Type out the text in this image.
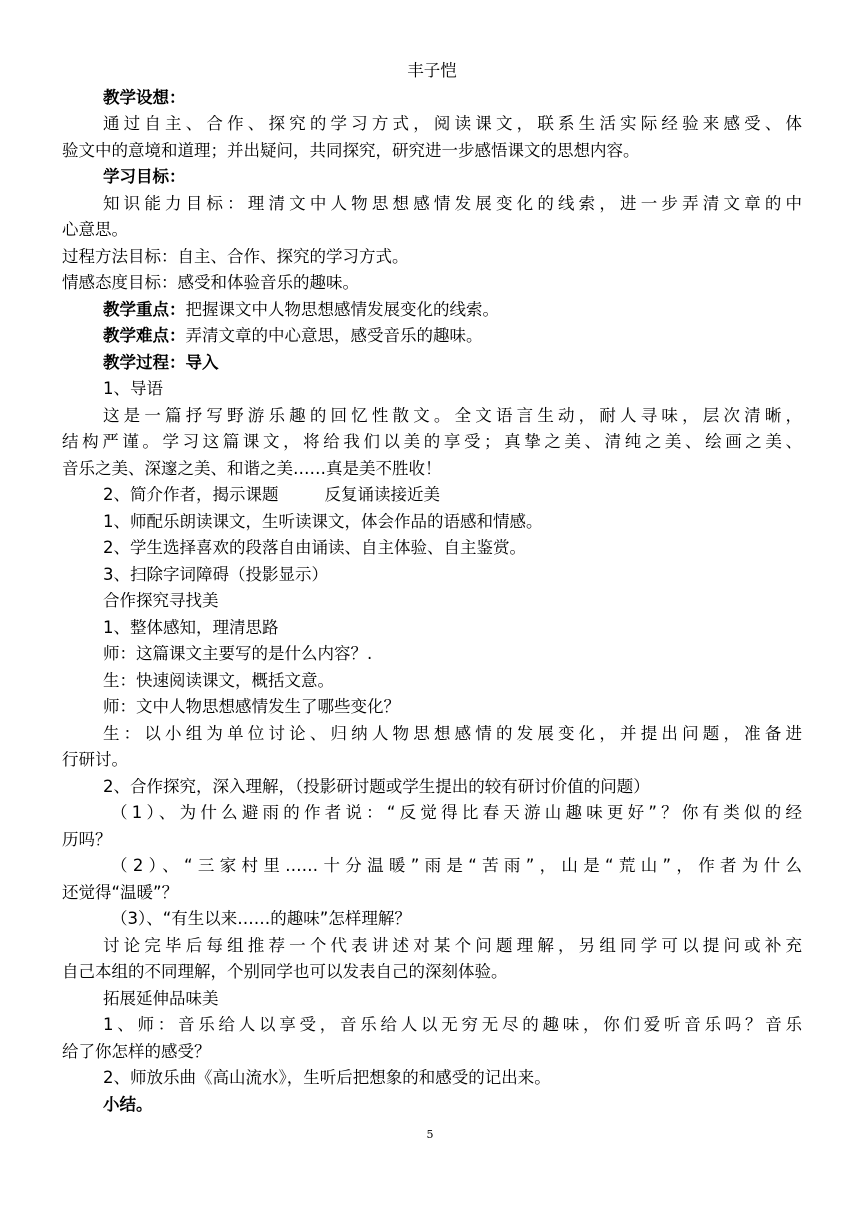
丰子恺
教学设想：
通过自主、合作、探究的学习方式，阅读课文，联系生活实际经验来感受、体
验文中的意境和道理；并出疑问，共同探究，研究进一步感悟课文的思想内容。
学习目标：
知识能力目标：理清文中人物思想感情发展变化的线索，进一步弄清文章的中
心意思。
过程方法目标：自主、合作、探究的学习方式。
情感态度目标：感受和体验音乐的趣味。
教学重点：把握课文中人物思想感情发展变化的线索。
教学难点：弄清文章的中心意思，感受音乐的趣味。
教学过程：导入
1、导语
这是一篇抒写野游乐趣的回忆性散文。全文语言生动，耐人寻味，层次清晰，
结构严谨。学习这篇课文，将给我们以美的享受；真挚之美、清纯之美、绘画之美、
音乐之美、深邃之美、和谐之美……真是美不胜收！
2、简介作者，揭示课题	反复诵读接近美
1、师配乐朗读课文，生听读课文，体会作品的语感和情感。
2、学生选择喜欢的段落自由诵读、自主体验、自主鉴赏。
3、扫除字词障碍（投影显示）
合作探究寻找美
1、整体感知，理清思路
师：这篇课文主要写的是什么内容？.
生：快速阅读课文，概括文意。
师：文中人物思想感情发生了哪些变化？
生：以小组为单位讨论、归纳人物思想感情的发展变化，并提出问题，准备进
行研讨。
2、合作探究，深入理解，（投影研讨题或学生提出的较有研讨价值的问题）
（1）、为什么避雨的作者说：“反觉得比春天游山趣味更好”？你有类似的经
历吗？
（2）、“三家村里……十分温暖”雨是“苦雨”，山是“荒山”，作者为什么
还觉得“温暖”？
（3）、“有生以来……的趣味”怎样理解？
讨论完毕后每组推荐一个代表讲述对某个问题理解，另组同学可以提问或补充
自己本组的不同理解，个别同学也可以发表自己的深刻体验。
拓展延伸品味美
1、师：音乐给人以享受，音乐给人以无穷无尽的趣味，你们爱听音乐吗？音乐
给了你怎样的感受？
2、师放乐曲《高山流水》，生听后把想象的和感受的记出来。
小结。
5
